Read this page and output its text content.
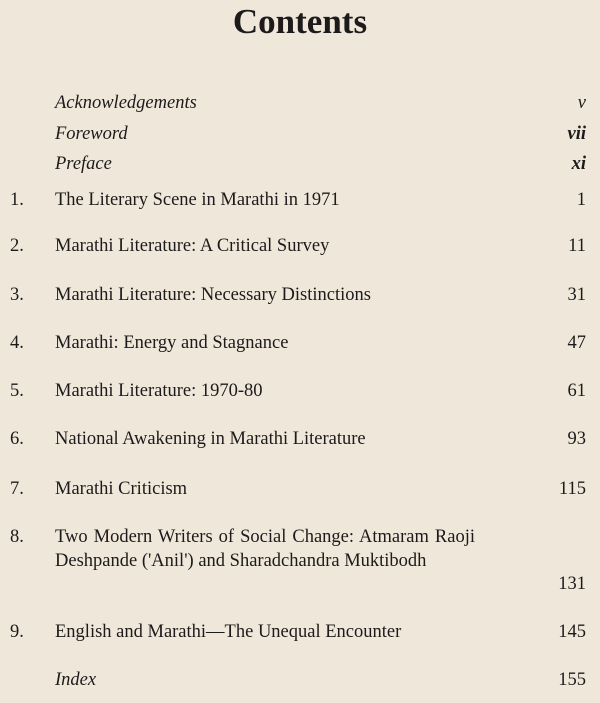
Contents
Acknowledgements	v
Foreword	vii
Preface	xi
1. The Literary Scene in Marathi in 1971	1
2. Marathi Literature: A Critical Survey	11
3. Marathi Literature: Necessary Distinctions	31
4. Marathi: Energy and Stagnance	47
5. Marathi Literature: 1970-80	61
6. National Awakening in Marathi Literature	93
7. Marathi Criticism	115
8. Two Modern Writers of Social Change: Atmaram Raoji Deshpande ('Anil') and Sharadchandra Muktibodh
131
9. English and Marathi—The Unequal Encounter	145
Index	155
